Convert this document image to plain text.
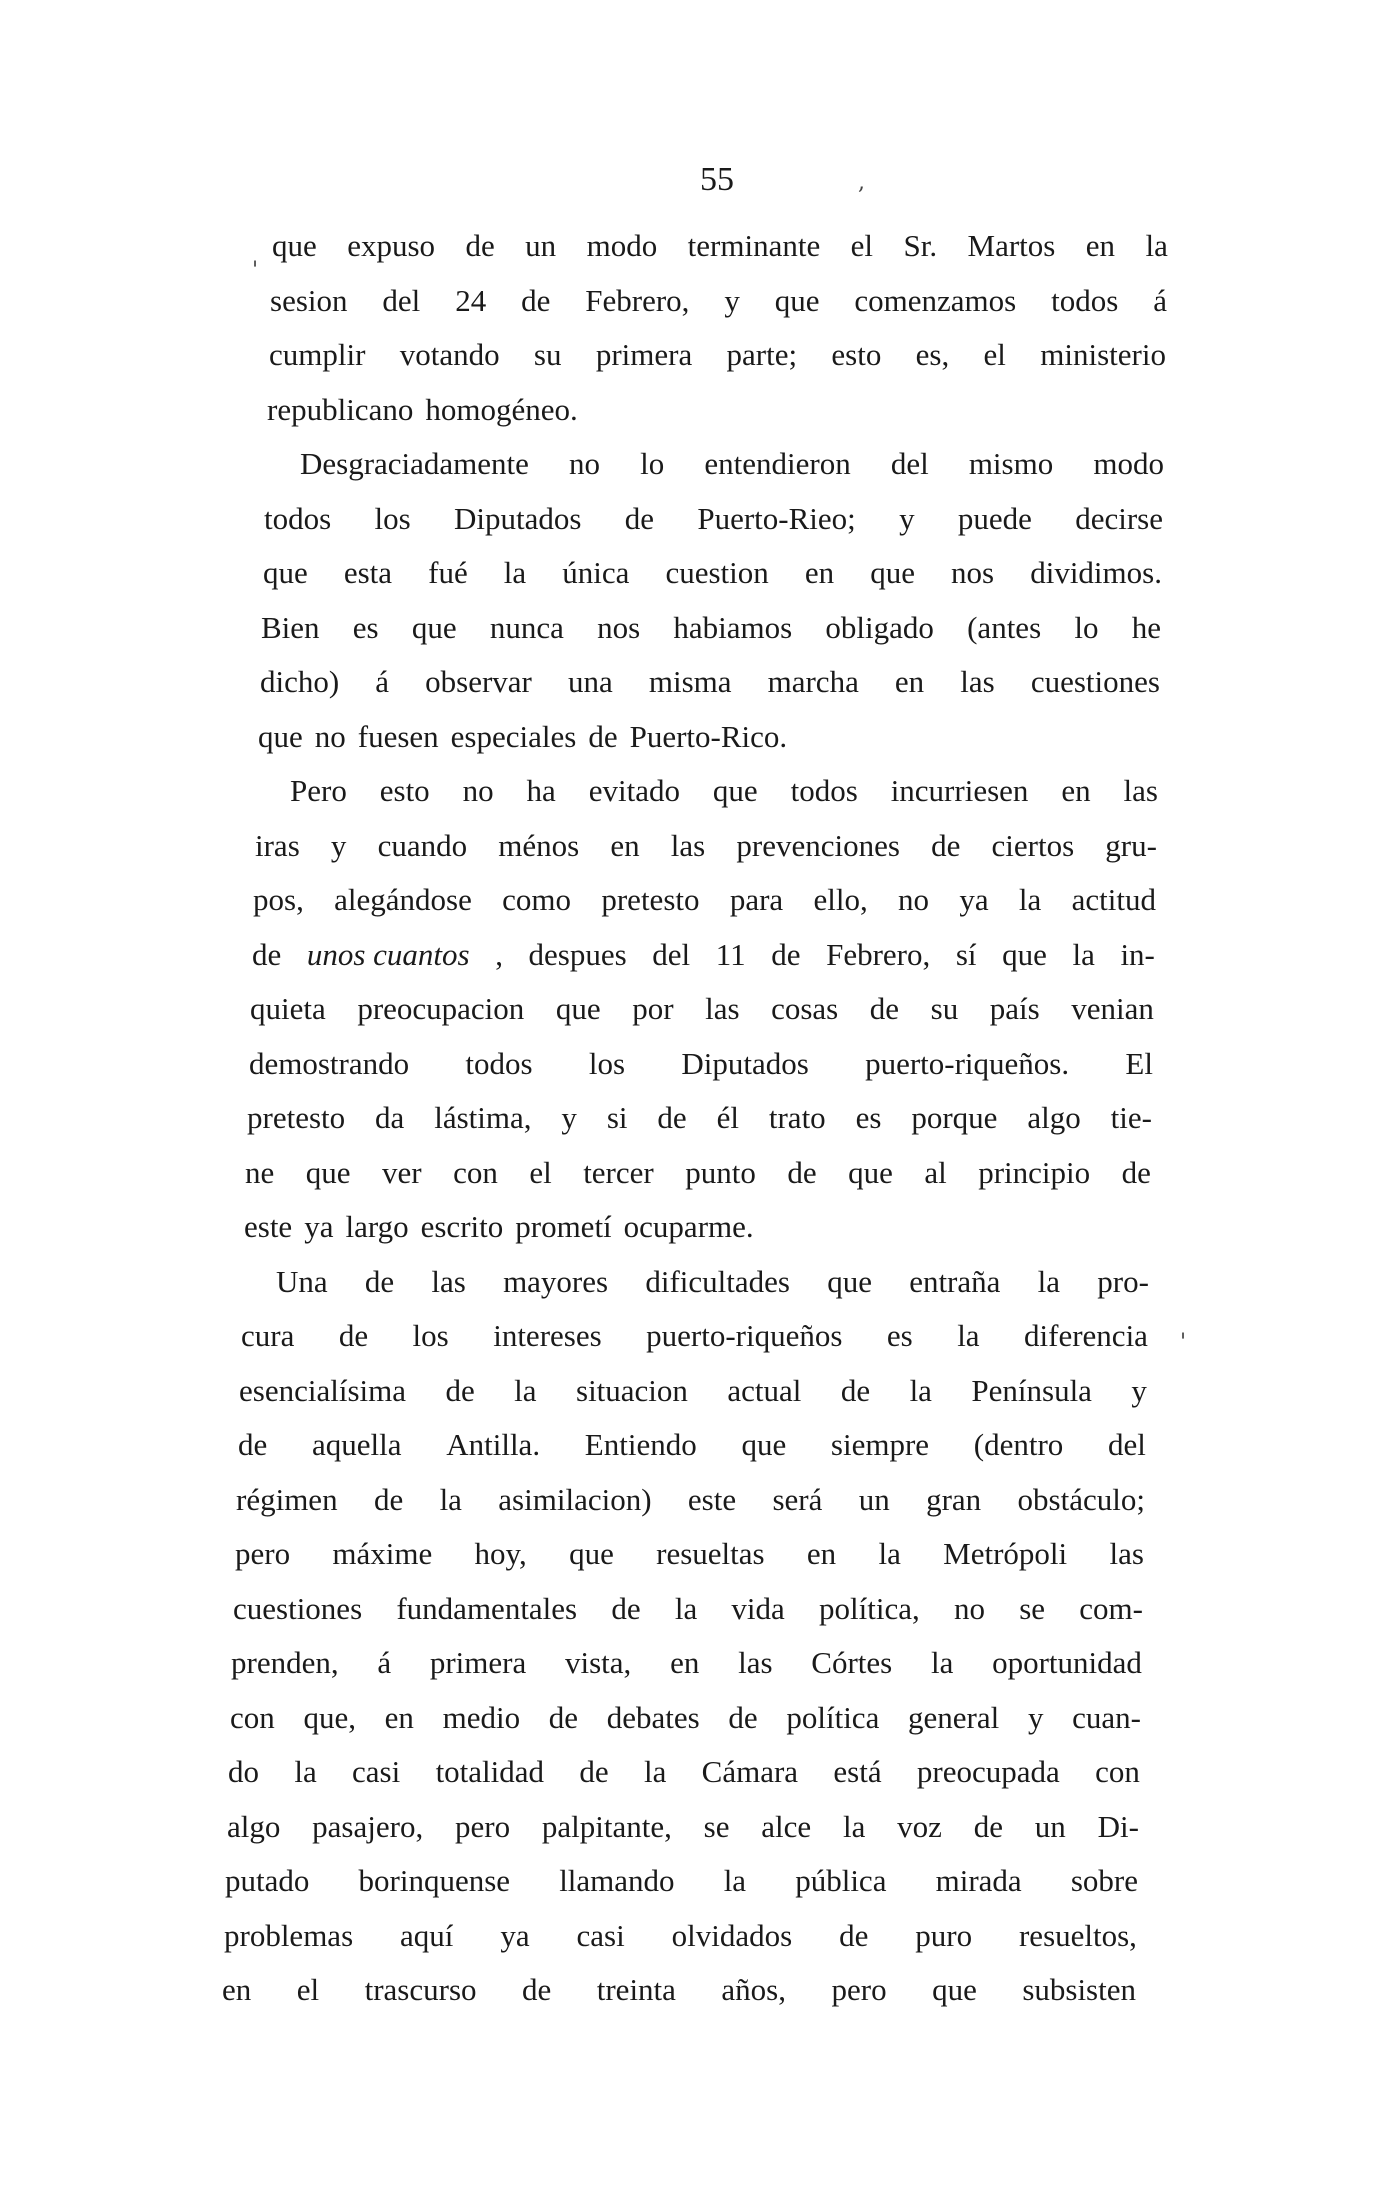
55	,
'
'
que expuso de un modo terminante el Sr. Martos en la
sesion del 24 de Febrero, y que comenzamos todos á
cumplir votando su primera parte; esto es, el ministerio
republicano homogéneo.
Desgraciadamente no lo entendieron del mismo modo
todos los Diputados de Puerto-Rieo; y puede decirse
que esta fué la única cuestion en que nos dividimos.
Bien es que nunca nos habiamos obligado (antes lo he
dicho) á observar una misma marcha en las cuestiones
que no fuesen especiales de Puerto-Rico.
Pero esto no ha evitado que todos incurriesen en las
iras y cuando ménos en las prevenciones de ciertos gru-
pos, alegándose como pretesto para ello, no ya la actitud
de unos cuantos , despues del 11 de Febrero, sí que la in-
quieta preocupacion que por las cosas de su país venian
demostrando todos los Diputados puerto-riqueños. El
pretesto da lástima, y si de él trato es porque algo tie-
ne que ver con el tercer punto de que al principio de
este ya largo escrito prometí ocuparme.
Una de las mayores dificultades que entraña la pro-
cura de los intereses puerto-riqueños es la diferencia
esencialísima de la situacion actual de la Península y
de aquella Antilla. Entiendo que siempre (dentro del
régimen de la asimilacion) este será un gran obstáculo;
pero máxime hoy, que resueltas en la Metrópoli las
cuestiones fundamentales de la vida política, no se com-
prenden, á primera vista, en las Córtes la oportunidad
con que, en medio de debates de política general y cuan-
do la casi totalidad de la Cámara está preocupada con
algo pasajero, pero palpitante, se alce la voz de un Di-
putado borinquense llamando la pública mirada sobre
problemas aquí ya casi olvidados de puro resueltos,
en el trascurso de treinta años, pero que subsisten
